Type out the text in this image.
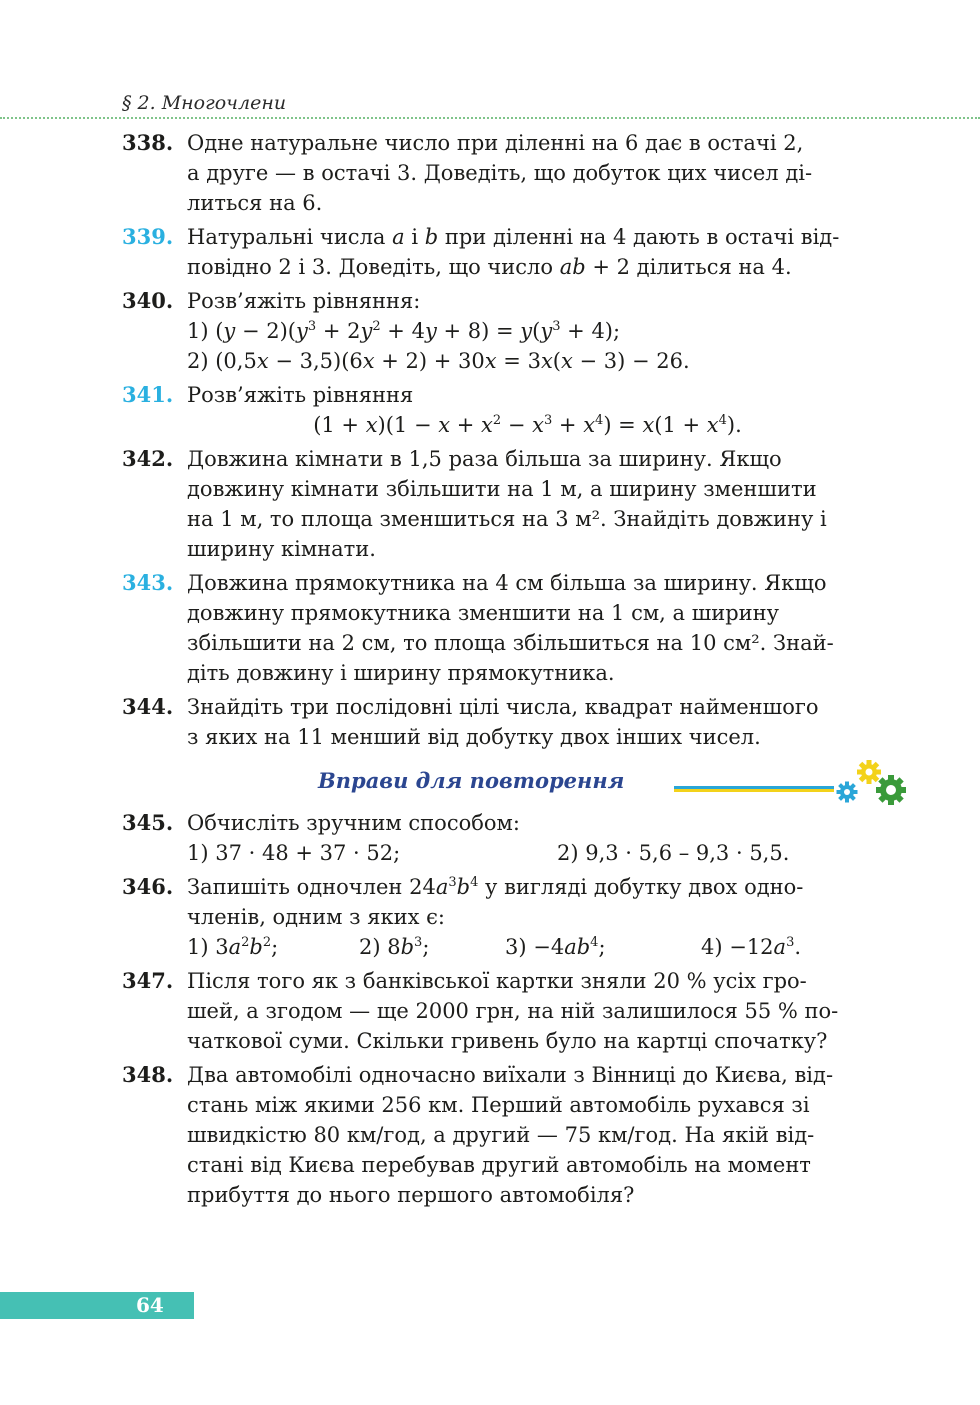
§ 2. Многочлени
338. Одне натуральне число при діленні на 6 дає в остачі 2,
а друге — в остачі 3. Доведіть, що добуток цих чисел ді-
литься на 6.
339. Натуральні числа a і b при діленні на 4 дають в остачі від-
повідно 2 і 3. Доведіть, що число ab + 2 ділиться на 4.
340. Розв’яжіть рівняння:
1) $(y - 2)(y^3 + 2y^2 + 4y + 8) = y(y^3 + 4)$;
2) (0,5x − 3,5)(6x + 2) + 30x = 3x(x − 3) − 26.
341. Розв’яжіть рівняння
$(1 + x)(1 - x + x^2 - x^3 + x^4) = x(1 + x^4)$.
342. Довжина кімнати в 1,5 раза більша за ширину. Якщо
довжину кімнати збільшити на 1 м, а ширину зменшити
на 1 м, то площа зменшиться на 3 м². Знайдіть довжину і
ширину кімнати.
343. Довжина прямокутника на 4 см більша за ширину. Якщо
довжину прямокутника зменшити на 1 см, а ширину
збільшити на 2 см, то площа збільшиться на 10 см². Знай-
діть довжину і ширину прямокутника.
344. Знайдіть три послідовні цілі числа, квадрат найменшого
з яких на 11 менший від добутку двох інших чисел.
Вправи для повторення
345. Обчисліть зручним способом:
1) 37 · 48 + 37 · 52;	2) 9,3 · 5,6 – 9,3 · 5,5.
346. Запишіть одночлен $24a^3b^4$ у вигляді добутку двох одно-
членів, одним з яких є:
1) $3a^2b^2$;	2) $8b^3$;	$3) -4ab^4$;	$4) -12a^3$.
347. Після того як з банківської картки зняли 20 % усіх гро-
шей, а згодом — ще 2000 грн, на ній залишилося 55 % по-
чаткової суми. Скільки гривень було на картці спочатку?
348. Два автомобілі одночасно виїхали з Вінниці до Києва, від-
стань між якими 256 км. Перший автомобіль рухався зі
швидкістю 80 км/год, а другий — 75 км/год. На якій від-
стані від Києва перебував другий автомобіль на момент
прибуття до нього першого автомобіля?
64
